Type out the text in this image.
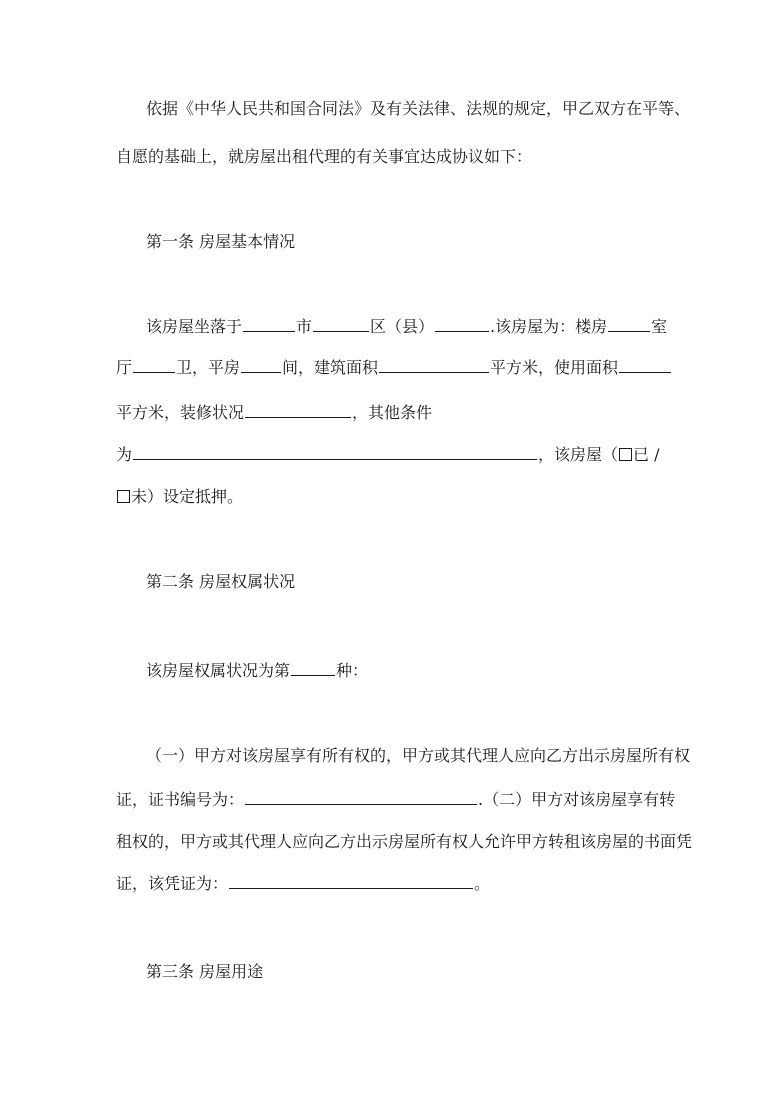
依据《中华人民共和国合同法》及有关法律、法规的规定，甲乙双方在平等、
自愿的基础上，就房屋出租代理的有关事宜达成协议如下：
第一条 房屋基本情况
该房屋坐落于	市	区（县）	.该房屋为：楼房	室
厅	卫，平房	间，建筑面积	平方米，使用面积
平方米，装修状况	，其他条件
为	，该房屋（ 已 /
未）设定抵押。
第二条 房屋权属状况
该房屋权属状况为第	种：
（一）甲方对该房屋享有所有权的，甲方或其代理人应向乙方出示房屋所有权
证，证书编号为：	.（二）甲方对该房屋享有转
租权的，甲方或其代理人应向乙方出示房屋所有权人允许甲方转租该房屋的书面凭
证，该凭证为：	。
第三条 房屋用途
